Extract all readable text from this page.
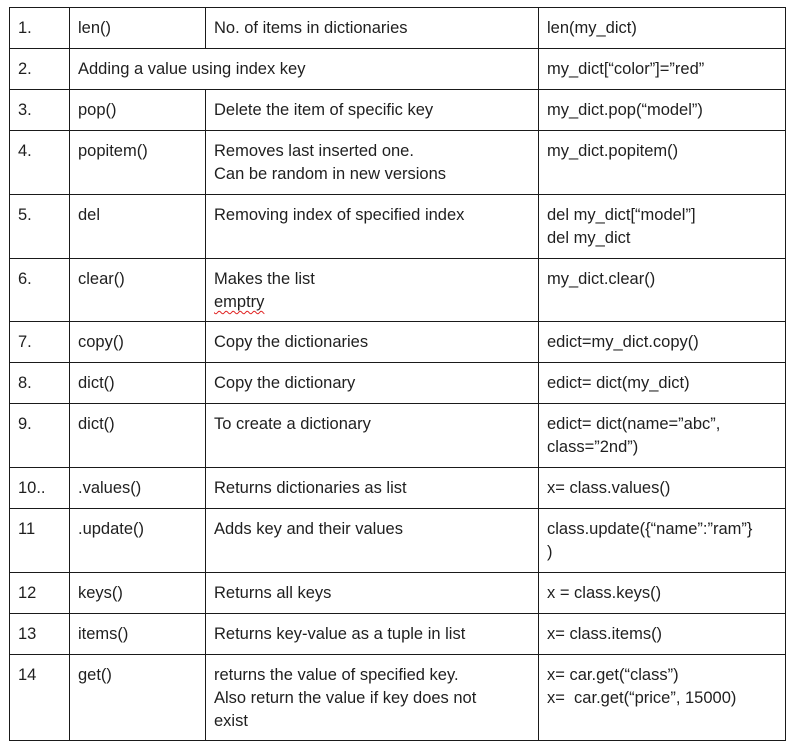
1.	len()	No. of items in dictionaries	len(my_dict)

2.	Adding a value using index key		my_dict[“color”]=”red”

3.	pop()	Delete the item of specific key	my_dict.pop(“model”)

4.	popitem()	Removes last inserted one.
Can be random in new versions	my_dict.popitem()

5.	del	Removing index of specified index	del my_dict[“model”]
del my_dict

6.	clear()	Makes the list
emptry	my_dict.clear()

7.	copy()	Copy the dictionaries	edict=my_dict.copy()

8.	dict()	Copy the dictionary	edict= dict(my_dict)

9.	dict()	To create a dictionary	edict= dict(name=”abc”,
class=”2nd”)

10..	.values()	Returns dictionaries as list	x= class.values()

11	.update()	Adds key and their values	class.update({“name”:”ram”}
)

12	keys()	Returns all keys	x = class.keys()

13	items()	Returns key-value as a tuple in list	x= class.items()

14	get()	returns the value of specified key.
Also return the value if key does not
exist	x= car.get(“class”)
x=  car.get(“price”, 15000)
